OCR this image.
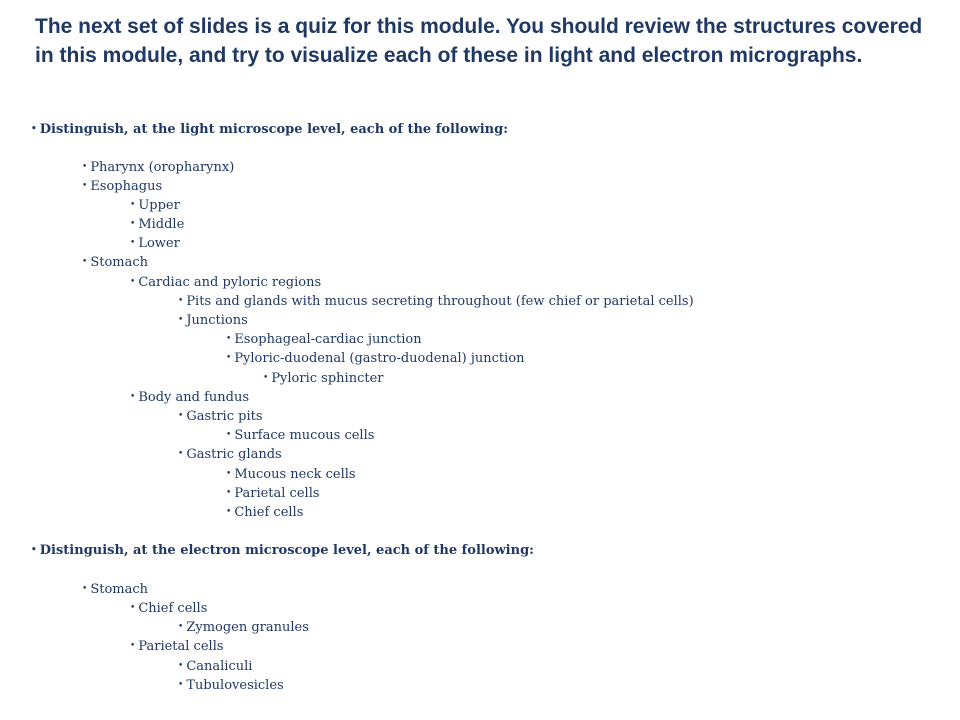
The next set of slides is a quiz for this module. You should review the structures covered in this module, and try to visualize each of these in light and electron micrographs.

• Distinguish, at the light microscope level, each of the following:
• Pharynx (oropharynx)
• Esophagus
• Upper
• Middle
• Lower
• Stomach
• Cardiac and pyloric regions
• Pits and glands with mucus secreting throughout (few chief or parietal cells)
• Junctions
• Esophageal-cardiac junction
• Pyloric-duodenal (gastro-duodenal) junction
• Pyloric sphincter
• Body and fundus
• Gastric pits
• Surface mucous cells
• Gastric glands
• Mucous neck cells
• Parietal cells
• Chief cells
• Distinguish, at the electron microscope level, each of the following:
• Stomach
• Chief cells
• Zymogen granules
• Parietal cells
• Canaliculi
• Tubulovesicles
